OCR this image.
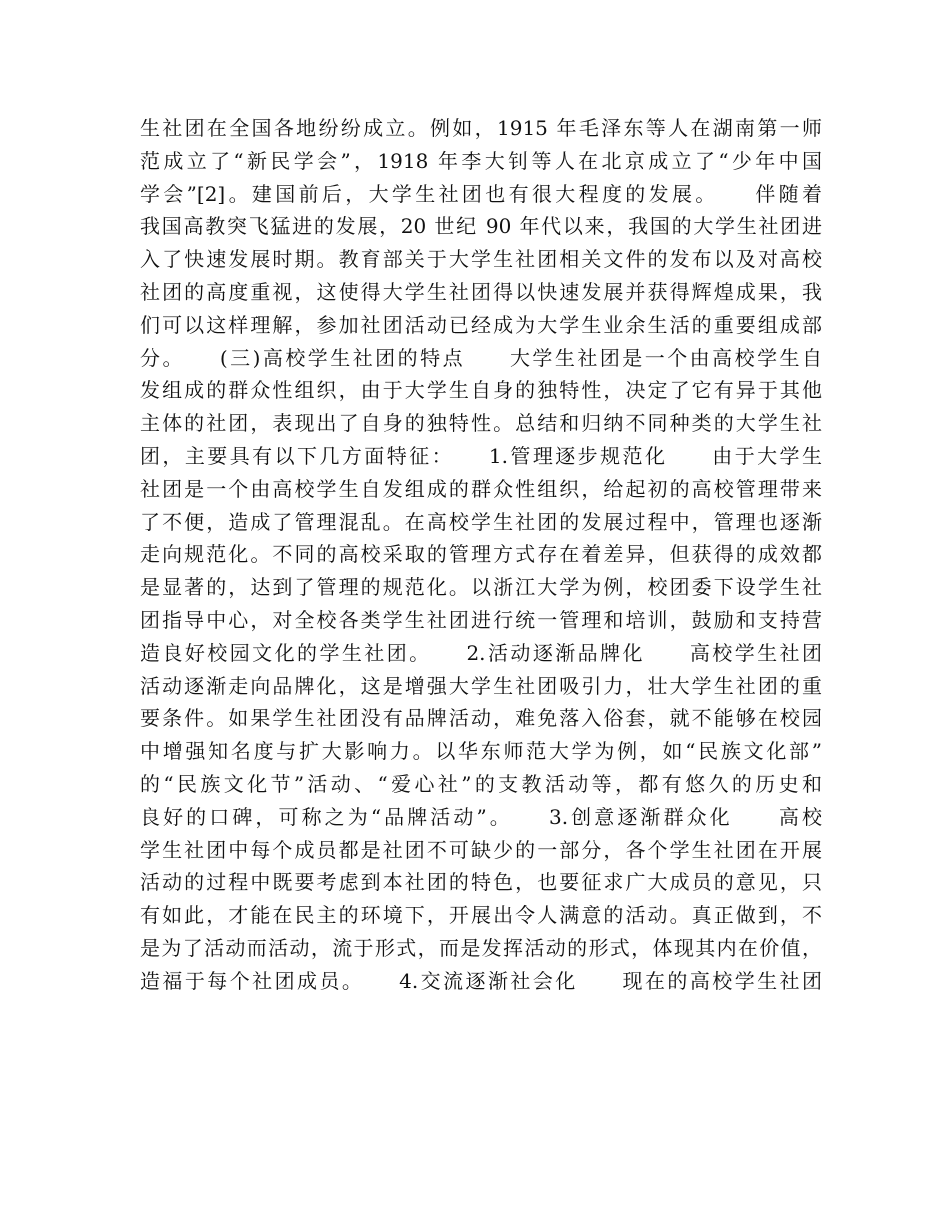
生社团在全国各地纷纷成立。例如，1915 年毛泽东等人在湖南第一师
范成立了“新民学会”，1918 年李大钊等人在北京成立了“少年中国
学会”[2]。建国前后，大学生社团也有很大程度的发展。　　伴随着
我国高教突飞猛进的发展，20 世纪 90 年代以来，我国的大学生社团进
入了快速发展时期。教育部关于大学生社团相关文件的发布以及对高校
社团的高度重视，这使得大学生社团得以快速发展并获得辉煌成果，我
们可以这样理解，参加社团活动已经成为大学生业余生活的重要组成部
分。　　(三)高校学生社团的特点　　大学生社团是一个由高校学生自
发组成的群众性组织，由于大学生自身的独特性，决定了它有异于其他
主体的社团，表现出了自身的独特性。总结和归纳不同种类的大学生社
团，主要具有以下几方面特征：　　1.管理逐步规范化　　由于大学生
社团是一个由高校学生自发组成的群众性组织，给起初的高校管理带来
了不便，造成了管理混乱。在高校学生社团的发展过程中，管理也逐渐
走向规范化。不同的高校采取的管理方式存在着差异，但获得的成效都
是显著的，达到了管理的规范化。以浙江大学为例，校团委下设学生社
团指导中心，对全校各类学生社团进行统一管理和培训，鼓励和支持营
造良好校园文化的学生社团。　　2.活动逐渐品牌化　　高校学生社团
活动逐渐走向品牌化，这是增强大学生社团吸引力，壮大学生社团的重
要条件。如果学生社团没有品牌活动，难免落入俗套，就不能够在校园
中增强知名度与扩大影响力。以华东师范大学为例，如“民族文化部”
的“民族文化节”活动、“爱心社”的支教活动等，都有悠久的历史和
良好的口碑，可称之为“品牌活动”。　　3.创意逐渐群众化　　高校
学生社团中每个成员都是社团不可缺少的一部分，各个学生社团在开展
活动的过程中既要考虑到本社团的特色，也要征求广大成员的意见，只
有如此，才能在民主的环境下，开展出令人满意的活动。真正做到，不
是为了活动而活动，流于形式，而是发挥活动的形式，体现其内在价值，
造福于每个社团成员。　　4.交流逐渐社会化　　现在的高校学生社团
